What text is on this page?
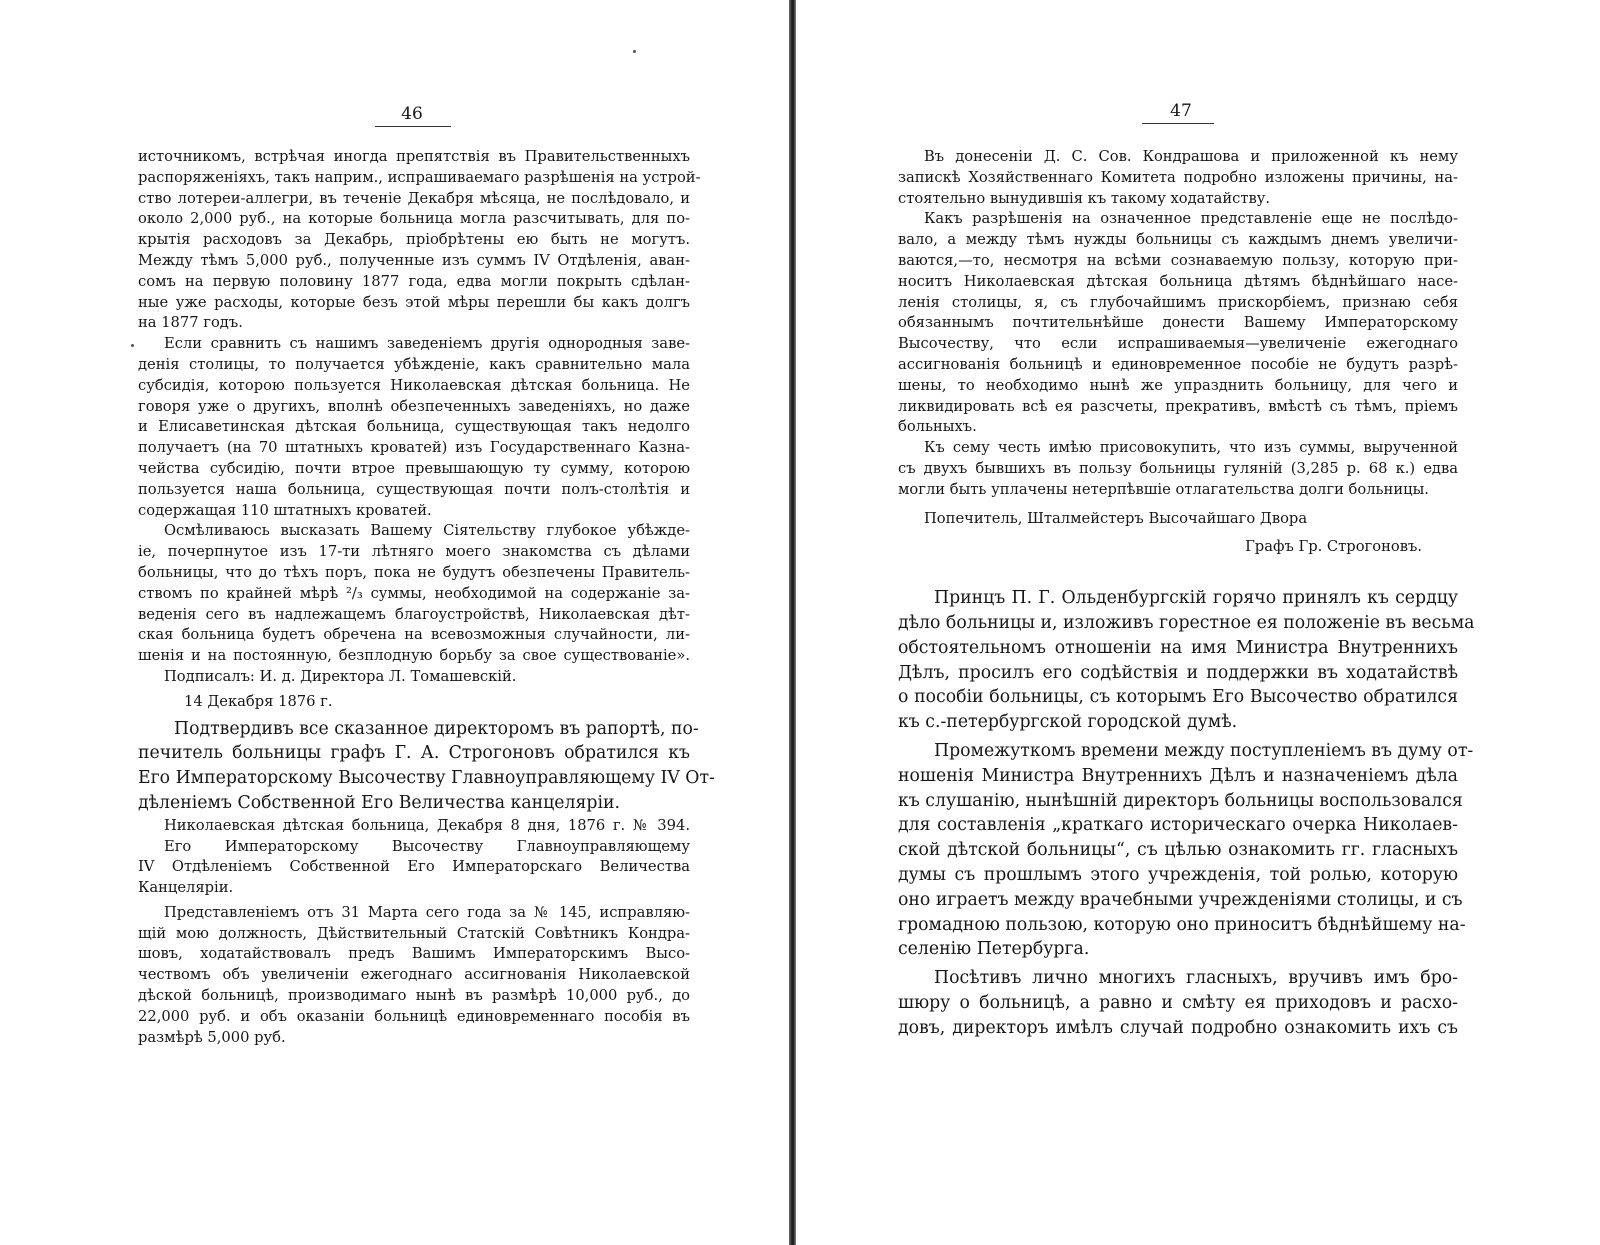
46
источникомъ, встрѣчая иногда препятствія въ Правительственныхъ
распоряженіяхъ, такъ наприм., испрашиваемаго разрѣшенія на устрой-
ство лотереи-аллегри, въ теченіе Декабря мѣсяца, не послѣдовало, и
около 2,000 руб., на которые больница могла разсчитывать, для по-
крытія расходовъ за Декабрь, пріобрѣтены ею быть не могутъ.
Между тѣмъ 5,000 руб., полученные изъ суммъ IV Отдѣленія, аван-
сомъ на первую половину 1877 года, едва могли покрыть сдѣлан-
ные уже расходы, которые безъ этой мѣры перешли бы какъ долгъ
на 1877 годъ.
Если сравнить съ нашимъ заведеніемъ другія однородныя заве-
денія столицы, то получается убѣжденіе, какъ сравнительно мала
субсидія, которою пользуется Николаевская дѣтская больница. Не
говоря уже о другихъ, вполнѣ обезпеченныхъ заведеніяхъ, но даже
и Елисаветинская дѣтская больница, существующая такъ недолго
получаетъ (на 70 штатныхъ кроватей) изъ Государственнаго Казна-
чейства субсидію, почти втрое превышающую ту сумму, которою
пользуется наша больница, существующая почти полъ-столѣтія и
содержащая 110 штатныхъ кроватей.
Осмѣливаюсь высказать Вашему Сіятельству глубокое убѣжде-
іе, почерпнутое изъ 17-ти лѣтняго моего знакомства съ дѣлами
больницы, что до тѣхъ поръ, пока не будутъ обезпечены Правитель-
ствомъ по крайней мѣрѣ ²/₃ суммы, необходимой на содержаніе за-
веденія сего въ надлежащемъ благоустройствѣ, Николаевская дѣт-
ская больница будетъ обречена на всевозможныя случайности, ли-
шенія и на постоянную, безплодную борьбу за свое существованіе».
Подписалъ: И. д. Директора Л. Томашевскій.
14 Декабря 1876 г.
Подтвердивъ все сказанное директоромъ въ рапортѣ, по-
печитель больницы графъ Г. А. Строгоновъ обратился къ
Его Императорскому Высочеству Главноуправляющему IV От-
дѣленіемъ Собственной Его Величества канцеляріи.
Николаевская дѣтская больница, Декабря 8 дня, 1876 г. № 394.
Его Императорскому Высочеству Главноуправляющему
IV Отдѣленіемъ Собственной Его Императорскаго Величества
Канцеляріи.
Представленіемъ отъ 31 Марта сего года за № 145, исправляю-
щій мою должность, Дѣйствительный Статскій Совѣтникъ Кондра-
шовъ, ходатайствовалъ предъ Вашимъ Императорскимъ Высо-
чествомъ объ увеличеніи ежегоднаго ассигнованія Николаевской
дѣской больницѣ, производимаго нынѣ въ размѣрѣ 10,000 руб., до
22,000 руб. и объ оказаніи больницѣ единовременнаго пособія въ
размѣрѣ 5,000 руб.
47
Въ донесеніи Д. С. Сов. Кондрашова и приложенной къ нему
запискѣ Хозяйственнаго Комитета подробно изложены причины, на-
стоятельно вынудившія къ такому ходатайству.
Какъ разрѣшенія на означенное представленіе еще не послѣдо-
вало, а между тѣмъ нужды больницы съ каждымъ днемъ увеличи-
ваются,—то, несмотря на всѣми сознаваемую пользу, которую при-
носитъ Николаевская дѣтская больница дѣтямъ бѣднѣйшаго насе-
ленія столицы, я, съ глубочайшимъ прискорбіемъ, признаю себя
обязаннымъ почтительнѣйше донести Вашему Императорскому
Высочеству, что если испрашиваемыя—увеличеніе ежегоднаго
ассигнованія больницѣ и единовременное пособіе не будутъ разрѣ-
шены, то необходимо нынѣ же упразднить больницу, для чего и
ликвидировать всѣ ея разсчеты, прекративъ, вмѣстѣ съ тѣмъ, пріемъ
больныхъ.
Къ сему честь имѣю присовокупить, что изъ суммы, вырученной
съ двухъ бывшихъ въ пользу больницы гуляній (3,285 р. 68 к.) едва
могли быть уплачены нетерпѣвшіе отлагательства долги больницы.
Попечитель, Шталмейстеръ Высочайшаго Двора
Графъ Гр. Строгоновъ.
Принцъ П. Г. Ольденбургскій горячо принялъ къ сердцу
дѣло больницы и, изложивъ горестное ея положеніе въ весьма
обстоятельномъ отношеніи на имя Министра Внутреннихъ
Дѣлъ, просилъ его содѣйствія и поддержки въ ходатайствѣ
о пособіи больницы, съ которымъ Его Высочество обратился
къ с.-петербургской городской думѣ.
Промежуткомъ времени между поступленіемъ въ думу от-
ношенія Министра Внутреннихъ Дѣлъ и назначеніемъ дѣла
къ слушанію, нынѣшній директоръ больницы воспользовался
для составленія „краткаго историческаго очерка Николаев-
ской дѣтской больницы“, съ цѣлью ознакомить гг. гласныхъ
думы съ прошлымъ этого учрежденія, той ролью, которую
оно играетъ между врачебными учрежденіями столицы, и съ
громадною пользою, которую оно приноситъ бѣднѣйшему на-
селенію Петербурга.
Посѣтивъ лично многихъ гласныхъ, вручивъ имъ бро-
шюру о больницѣ, а равно и смѣту ея приходовъ и расхо-
довъ, директоръ имѣлъ случай подробно ознакомить ихъ съ
